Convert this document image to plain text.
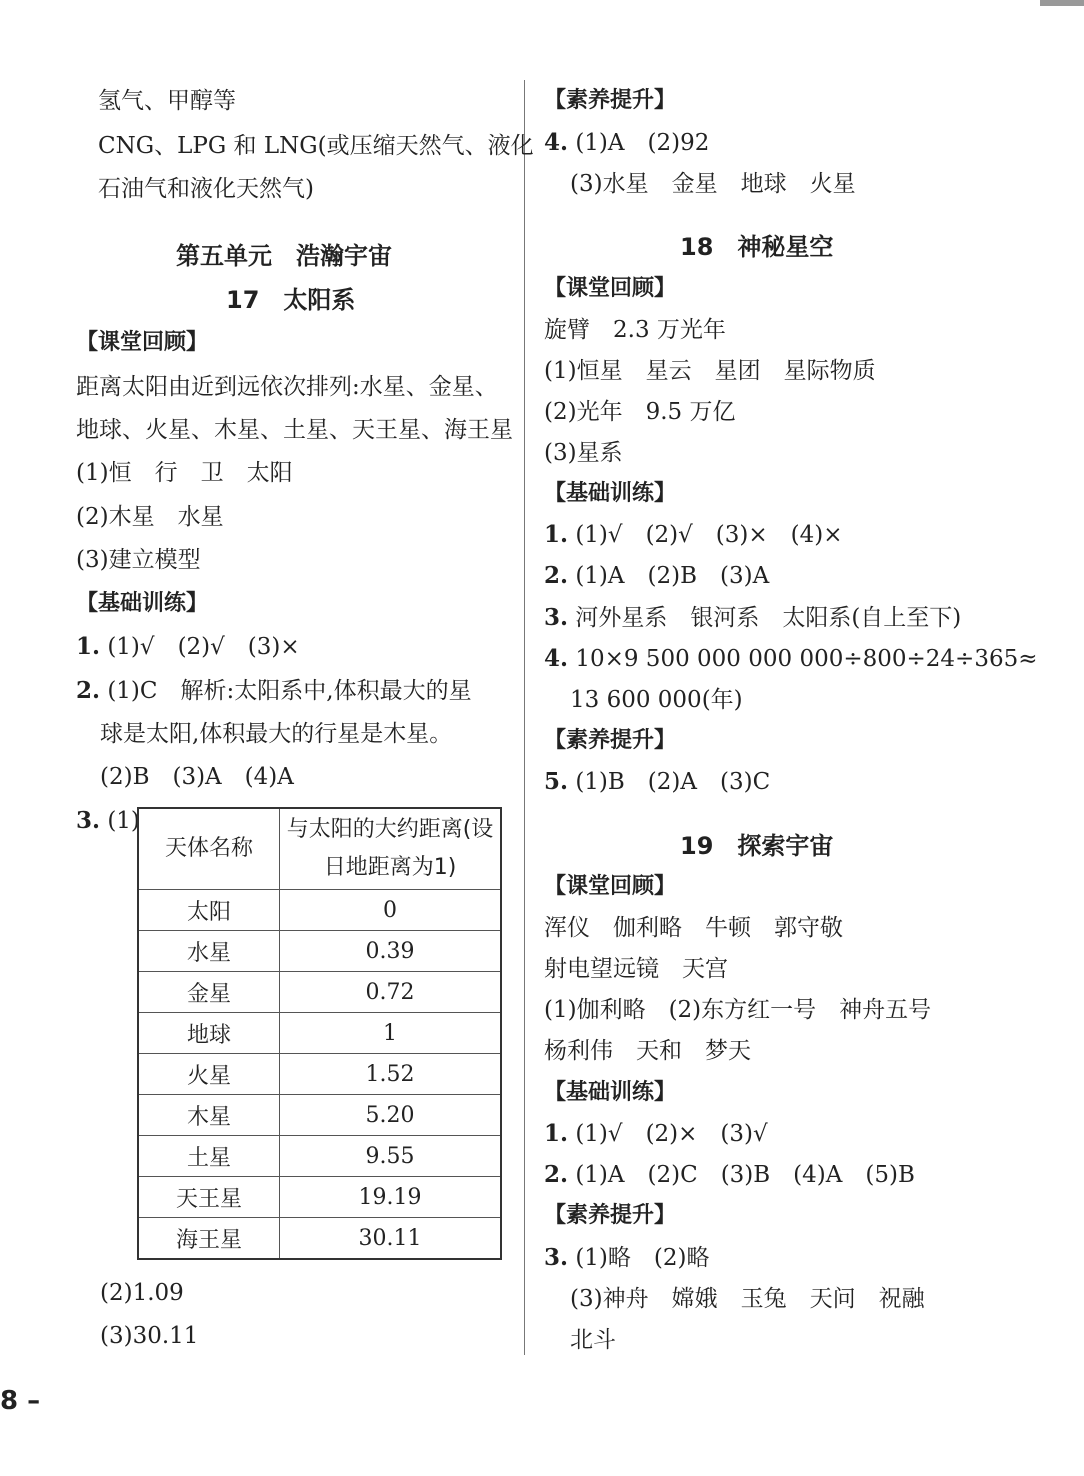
氢气、甲醇等
CNG、LPG 和 LNG(或压缩天然气、液化
石油气和液化天然气)
第五单元　浩瀚宇宙
17　太阳系
【课堂回顾】
距离太阳由近到远依次排列:水星、金星、
地球、火星、木星、土星、天王星、海王星
(1)恒　行　卫　太阳
(2)木星　水星
(3)建立模型
【基础训练】
1. (1)√　(2)√　(3)×
2. (1)C　解析:太阳系中,体积最大的星
球是太阳,体积最大的行星是木星。
(2)B　(3)A　(4)A
3. (1)
天体名称	与太阳的大约距离(设日地距离为1)
太阳	0
水星	0.39
金星	0.72
地球	1
火星	1.52
木星	5.20
土星	9.55
天王星	19.19
海王星	30.11
(2)1.09
(3)30.11
8 –
【素养提升】
4. (1)A　(2)92
(3)水星　金星　地球　火星
18　神秘星空
【课堂回顾】
旋臂　2.3 万光年
(1)恒星　星云　星团　星际物质
(2)光年　9.5 万亿
(3)星系
【基础训练】
1. (1)√　(2)√　(3)×　(4)×
2. (1)A　(2)B　(3)A
3. 河外星系　银河系　太阳系(自上至下)
4. 10×9 500 000 000 000÷800÷24÷365≈
13 600 000(年)
【素养提升】
5. (1)B　(2)A　(3)C
19　探索宇宙
【课堂回顾】
浑仪　伽利略　牛顿　郭守敬
射电望远镜　天宫
(1)伽利略　(2)东方红一号　神舟五号
杨利伟　天和　梦天
【基础训练】
1. (1)√　(2)×　(3)√
2. (1)A　(2)C　(3)B　(4)A　(5)B
【素养提升】
3. (1)略　(2)略
(3)神舟　嫦娥　玉兔　天问　祝融
北斗
